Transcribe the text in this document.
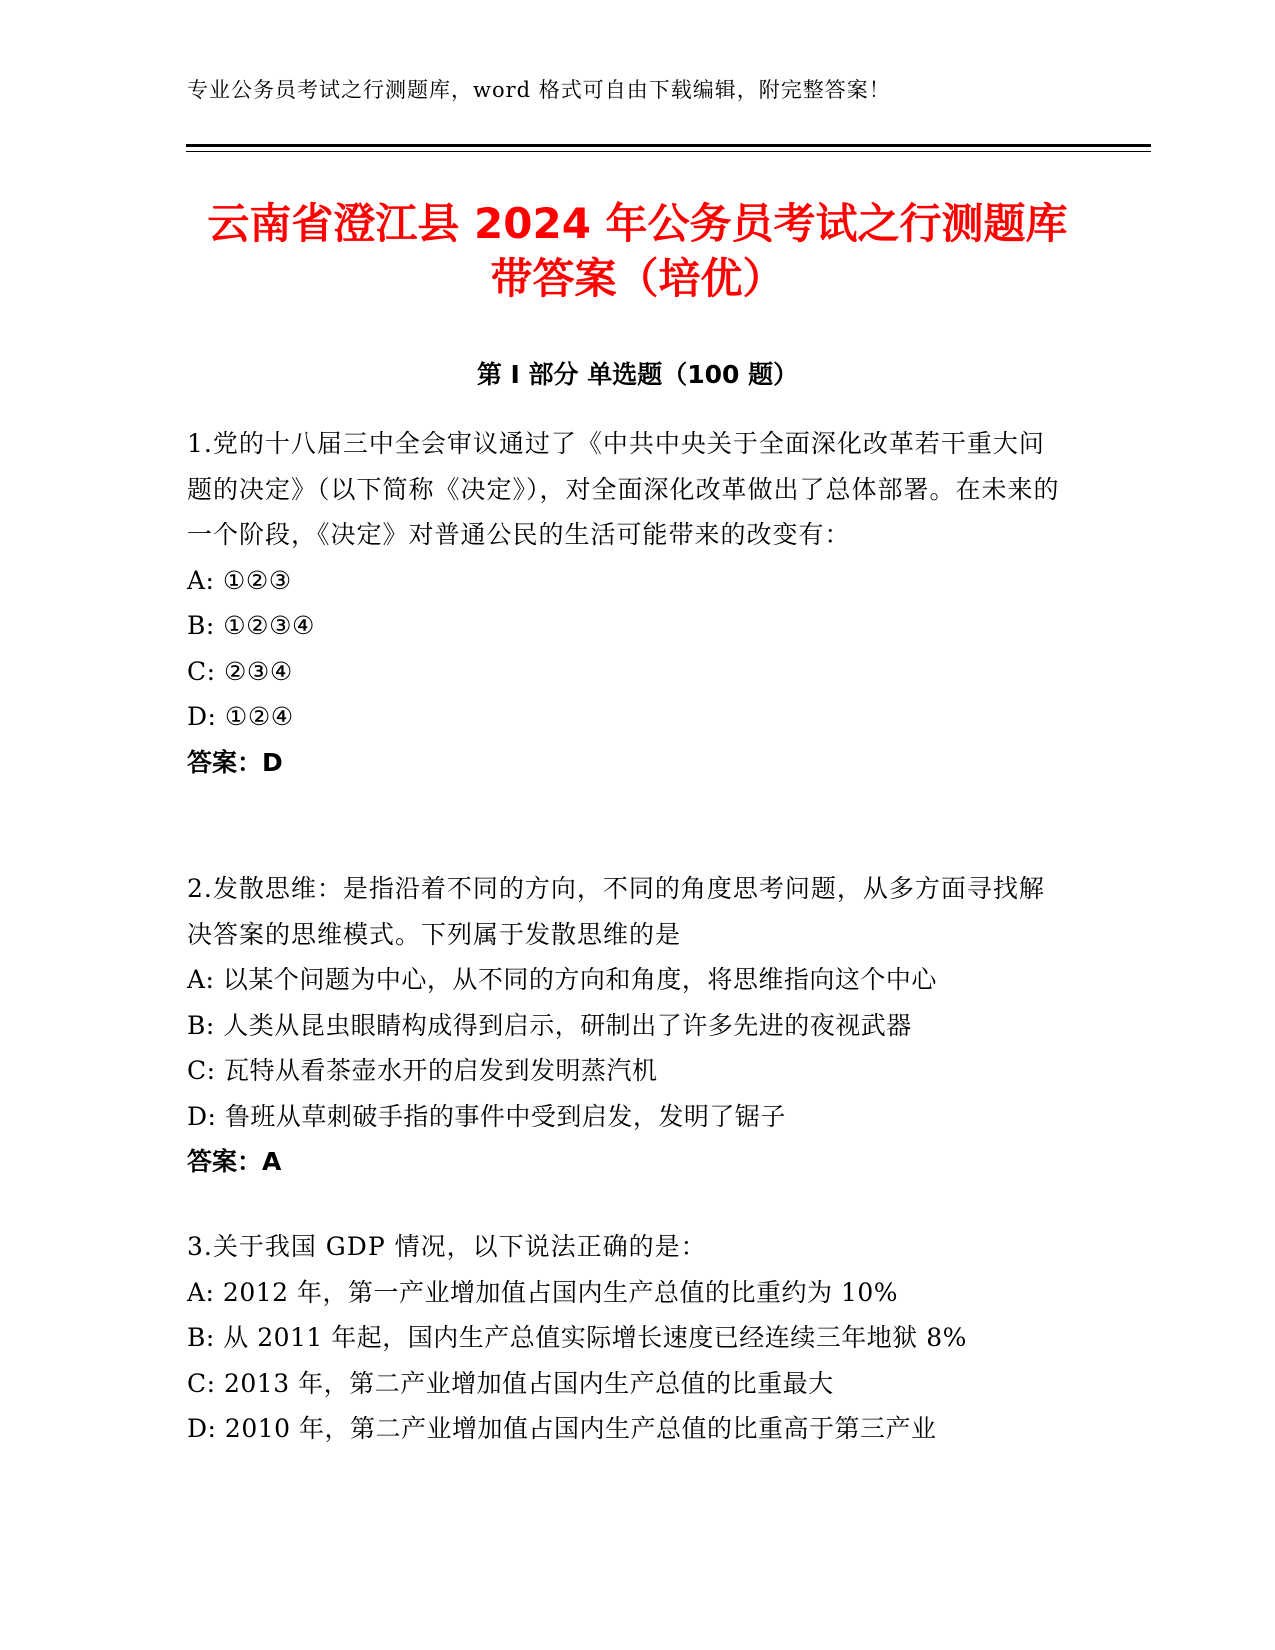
专业公务员考试之行测题库，word 格式可自由下载编辑，附完整答案！
云南省澄江县 2024 年公务员考试之行测题库
带答案（培优）
第 I 部分 单选题（100 题）
1.党的十八届三中全会审议通过了《中共中央关于全面深化改革若干重大问题的决定》（以下简称《决定》），对全面深化改革做出了总体部署。在未来的一个阶段，《决定》对普通公民的生活可能带来的改变有：
A: ①②③
B: ①②③④
C: ②③④
D: ①②④
答案：D
2.发散思维：是指沿着不同的方向，不同的角度思考问题，从多方面寻找解决答案的思维模式。下列属于发散思维的是
A: 以某个问题为中心，从不同的方向和角度，将思维指向这个中心
B: 人类从昆虫眼睛构成得到启示，研制出了许多先进的夜视武器
C: 瓦特从看茶壶水开的启发到发明蒸汽机
D: 鲁班从草刺破手指的事件中受到启发，发明了锯子
答案：A
3.关于我国 GDP 情况，以下说法正确的是：
A: 2012 年，第一产业增加值占国内生产总值的比重约为 10%
B: 从 2011 年起，国内生产总值实际增长速度已经连续三年地狱 8%
C: 2013 年，第二产业增加值占国内生产总值的比重最大
D: 2010 年，第二产业增加值占国内生产总值的比重高于第三产业
